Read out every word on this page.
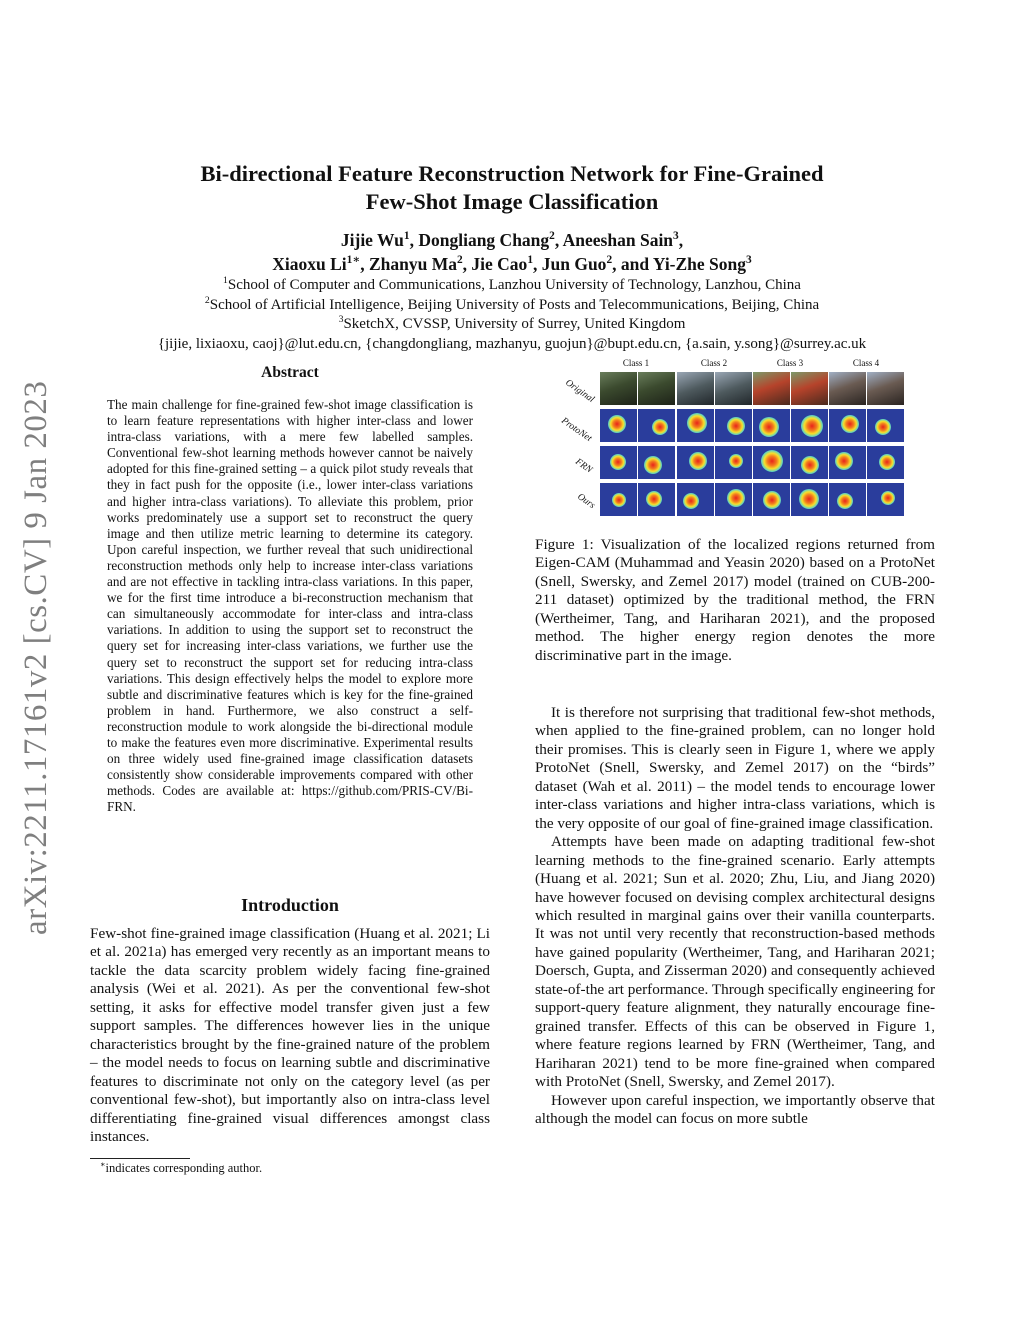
arXiv:2211.17161v2 [cs.CV] 9 Jan 2023
Bi-directional Feature Reconstruction Network for Fine-Grained
Few-Shot Image Classification
Jijie Wu$^1$, Dongliang Chang$^2$, Aneeshan Sain$^3$,
Xiaoxu $Li^{1∗}$, Zhanyu Ma$^2$, Jie Cao$^1$, Jun Guo$^2$, and Yi-Zhe Song$^3$
$^1$School of Computer and Communications, Lanzhou University of Technology, Lanzhou, China
$^2$School of Artificial Intelligence, Beijing University of Posts and Telecommunications, Beijing, China
$^3$SketchX, CVSSP, University of Surrey, United Kingdom
{jijie, lixiaoxu, caoj}@lut.edu.cn, {changdongliang, mazhanyu, guojun}@bupt.edu.cn, {a.sain, y.song}@surrey.ac.uk
Abstract
The main challenge for fine-grained few-shot image classification is to learn feature representations with higher inter-class and lower intra-class variations, with a mere few labelled samples. Conventional few-shot learning methods however cannot be naively adopted for this fine-grained setting – a quick pilot study reveals that they in fact push for the opposite (i.e., lower inter-class variations and higher intra-class variations). To alleviate this problem, prior works predominately use a support set to reconstruct the query image and then utilize metric learning to determine its category. Upon careful inspection, we further reveal that such unidirectional reconstruction methods only help to increase inter-class variations and are not effective in tackling intra-class variations. In this paper, we for the first time introduce a bi-reconstruction mechanism that can simultaneously accommodate for inter-class and intra-class variations. In addition to using the support set to reconstruct the query set for increasing inter-class variations, we further use the query set to reconstruct the support set for reducing intra-class variations. This design effectively helps the model to explore more subtle and discriminative features which is key for the fine-grained problem in hand. Furthermore, we also construct a self-reconstruction module to work alongside the bi-directional module to make the features even more discriminative. Experimental results on three widely used fine-grained image classification datasets consistently show considerable improvements compared with other methods. Codes are available at: https://github.com/PRIS-CV/Bi-FRN.
Introduction

Few-shot fine-grained image classification (Huang et al. 2021; Li et al. 2021a) has emerged very recently as an important means to tackle the data scarcity problem widely facing fine-grained analysis (Wei et al. 2021). As per the conventional few-shot setting, it asks for effective model transfer given just a few support samples. The differences however lies in the unique characteristics brought by the fine-grained nature of the problem – the model needs to focus on learning subtle and discriminative features to discriminate not only on the category level (as per conventional few-shot), but importantly also on intra-class level differentiating fine-grained visual differences amongst class instances.

∗indicates corresponding author.
Class 1	Class 2	Class 3	Class 4
Original
ProtoNet
FRN
Ours
Figure 1: Visualization of the localized regions returned from Eigen-CAM (Muhammad and Yeasin 2020) based on a ProtoNet (Snell, Swersky, and Zemel 2017) model (trained on CUB-200-211 dataset) optimized by the traditional method, the FRN (Wertheimer, Tang, and Hariharan 2021), and the proposed method. The higher energy region denotes the more discriminative part in the image.

It is therefore not surprising that traditional few-shot methods, when applied to the fine-grained problem, can no longer hold their promises. This is clearly seen in Figure 1, where we apply ProtoNet (Snell, Swersky, and Zemel 2017) on the “birds” dataset (Wah et al. 2011) – the model tends to encourage lower inter-class variations and higher intra-class variations, which is the very opposite of our goal of fine-grained image classification.

Attempts have been made on adapting traditional few-shot learning methods to the fine-grained scenario. Early attempts (Huang et al. 2021; Sun et al. 2020; Zhu, Liu, and Jiang 2020) have however focused on devising complex architectural designs which resulted in marginal gains over their vanilla counterparts. It was not until very recently that reconstruction-based methods have gained popularity (Wertheimer, Tang, and Hariharan 2021; Doersch, Gupta, and Zisserman 2020) and consequently achieved state-of-the art performance. Through specifically engineering for support-query feature alignment, they naturally encourage fine-grained transfer. Effects of this can be observed in Figure 1, where feature regions learned by FRN (Wertheimer, Tang, and Hariharan 2021) tend to be more fine-grained when compared with ProtoNet (Snell, Swersky, and Zemel 2017).

However upon careful inspection, we importantly observe that although the model can focus on more subtle
